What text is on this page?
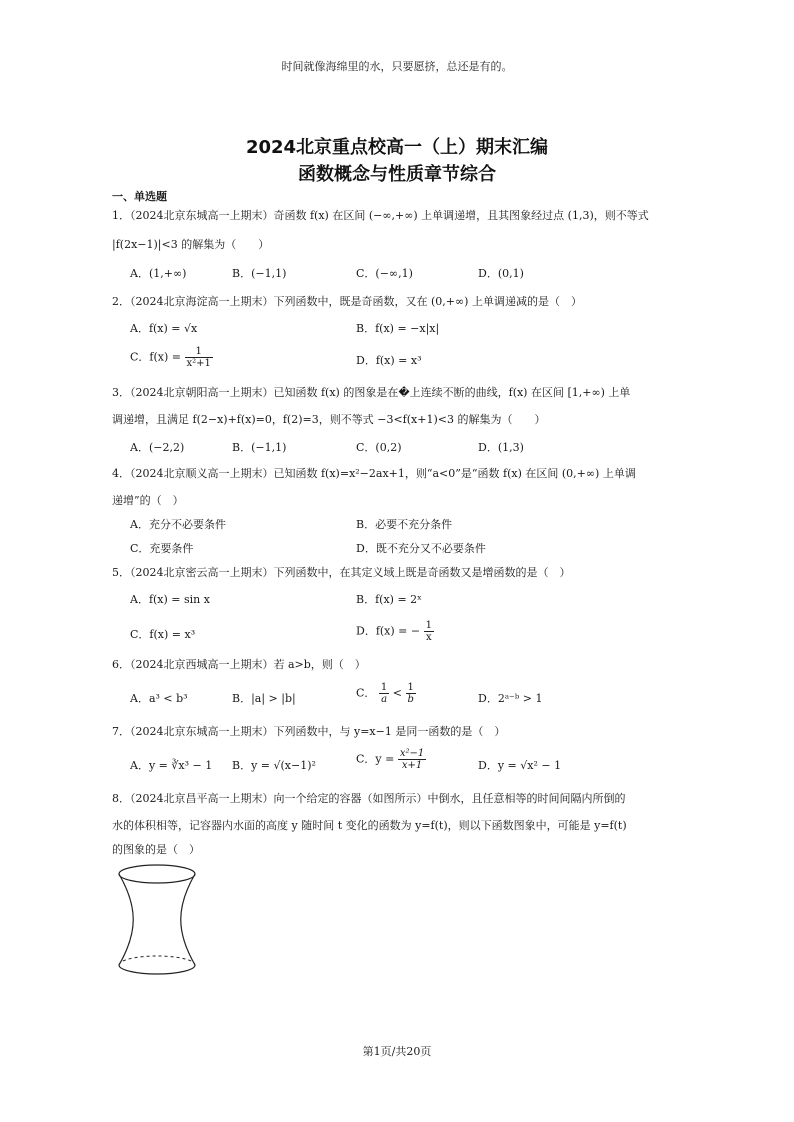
时间就像海绵里的水，只要愿挤，总还是有的。
2024北京重点校高一（上）期末汇编
函数概念与性质章节综合
一、单选题
1．（2024北京东城高一上期末）奇函数 f(x) 在区间 (−∞,+∞) 上单调递增，且其图象经过点 (1,3)，则不等式
|f(2x−1)|<3 的解集为（　　）
A．(1,+∞)	B．(−1,1)	C．(−∞,1)	D．(0,1)
2．（2024北京海淀高一上期末）下列函数中，既是奇函数，又在 (0,+∞) 上单调递减的是（　）
A．f(x) = √x	B．f(x) = −x|x|
C．$f(x) = \frac{1}{\text{x²+1}}$	D．f(x) = x³
3．（2024北京朝阳高一上期末）已知函数 f(x) 的图象是在�上连续不断的曲线，f(x) 在区间 [1,+∞) 上单
调递增，且满足 f(2−x)+f(x)=0，f(2)=3，则不等式 −3<f(x+1)<3 的解集为（　　）
A．(−2,2)	B．(−1,1)	C．(0,2)	D．(1,3)
4．（2024北京顺义高一上期末）已知函数 f(x)=x²−2ax+1，则“a<0”是“函数 f(x) 在区间 (0,+∞) 上单调
递增”的（　）
A．充分不必要条件	B．必要不充分条件
C．充要条件	D．既不充分又不必要条件
5．（2024北京密云高一上期末）下列函数中，在其定义域上既是奇函数又是增函数的是（　）
A．f(x) = sin x	B．f(x) = 2ˣ
C．f(x) = x³	D．f(x) = − $\frac{1}{x}$
6．（2024北京西城高一上期末）若 a>b，则（　）
A．a³ < b³	B．|a| > |b|	C． $\frac{1}{a} < \frac{1}{b}$	D．2ᵃ⁻ᵇ > 1
7．（2024北京东城高一上期末）下列函数中，与 y=x−1 是同一函数的是（　）
A．y = ∛x³ − 1 B．y = √(x−1)²	C．$y = \frac{\text{x²−1}}{x+1}$	D．y = √x² − 1
8．（2024北京昌平高一上期末）向一个给定的容器（如图所示）中倒水，且任意相等的时间间隔内所倒的
水的体积相等，记容器内水面的高度 y 随时间 t 变化的函数为 y=f(t)，则以下函数图象中，可能是 y=f(t)
的图象的是（　）
第1页/共20页
